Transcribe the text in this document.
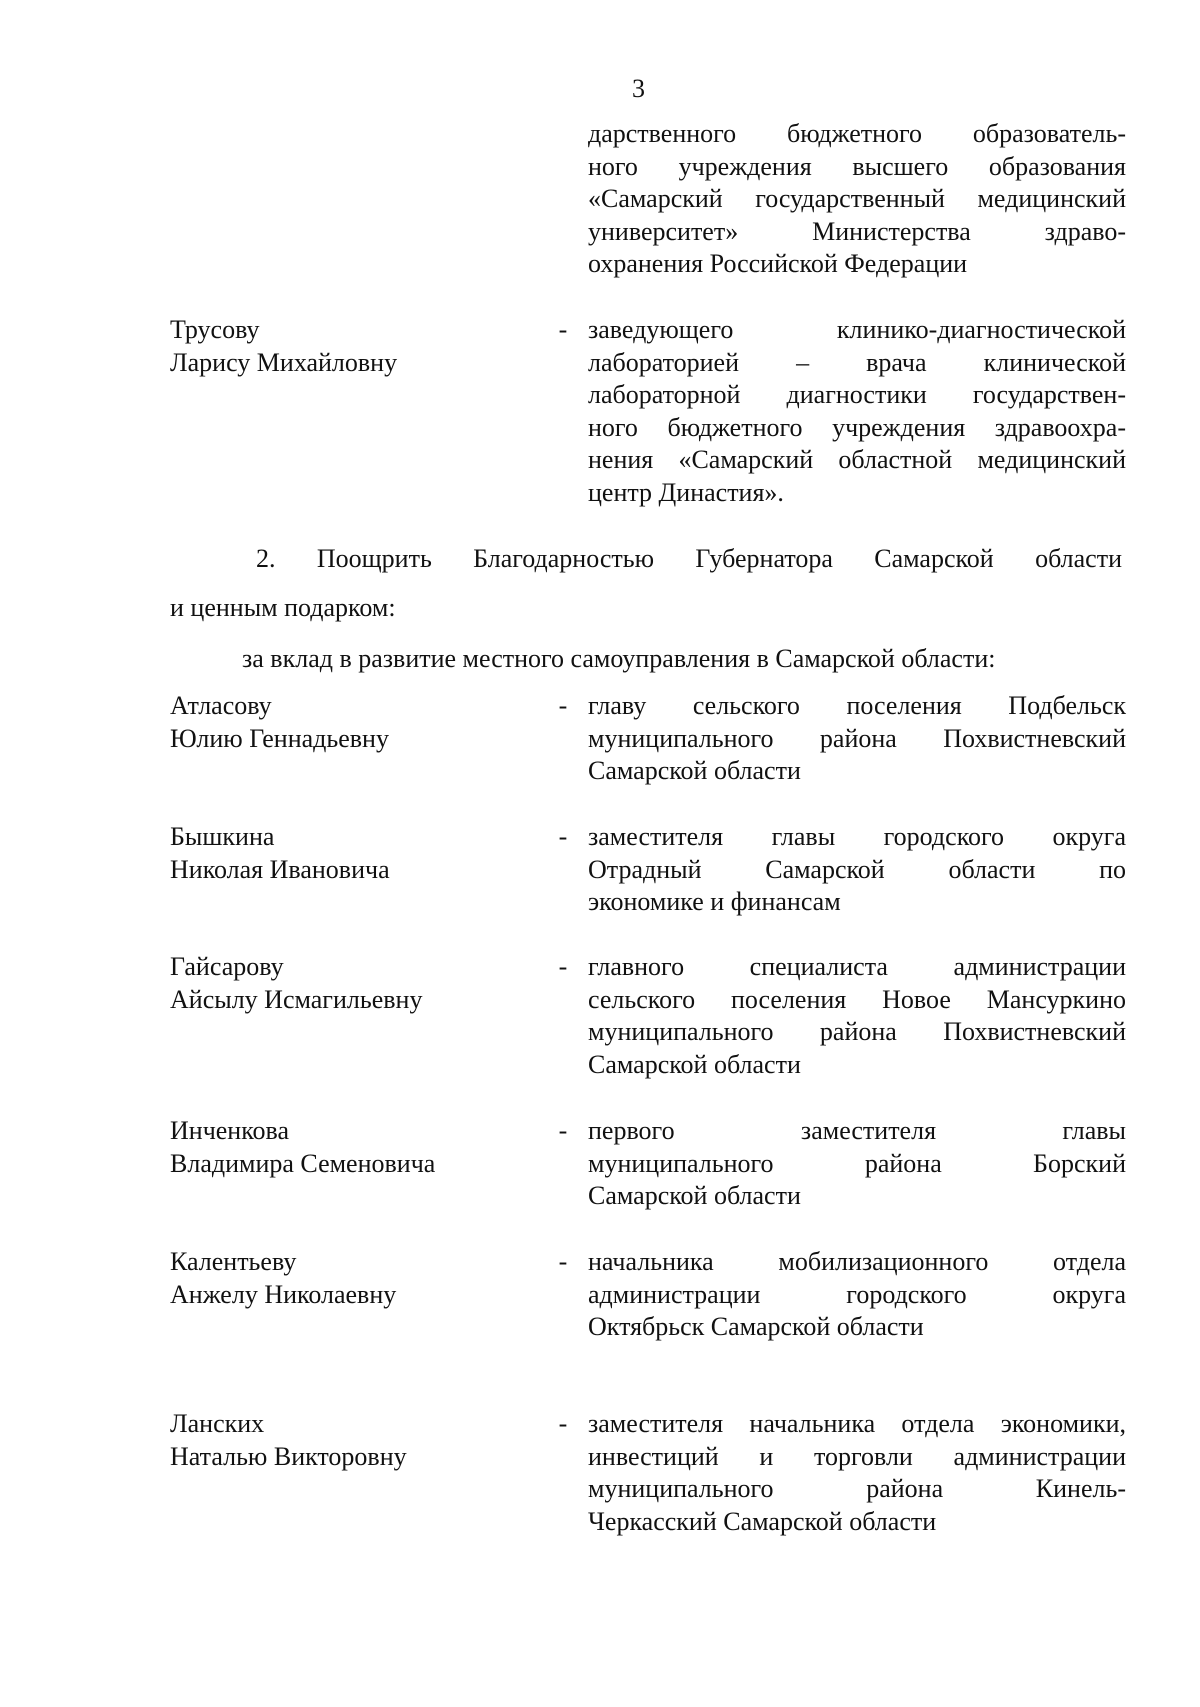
3
дарственного бюджетного образователь-
ного учреждения высшего образования
«Самарский государственный медицинский
университет» Министерства здраво-
охранения Российской Федерации
Трусову
Ларису Михайловну
- заведующего клинико-диагностической
лабораторией – врача клинической
лабораторной диагностики государствен-
ного бюджетного учреждения здравоохра-
нения «Самарский областной медицинский
центр Династия».
2. Поощрить Благодарностью Губернатора Самарской области
и ценным подарком:
за вклад в развитие местного самоуправления в Самарской области:
Атласову
Юлию Геннадьевну
- главу сельского поселения Подбельск
муниципального района Похвистневский
Самарской области
Бышкина
Николая Ивановича
- заместителя главы городского округа
Отрадный Самарской области по
экономике и финансам
Гайсарову
Айсылу Исмагильевну
- главного специалиста администрации
сельского поселения Новое Мансуркино
муниципального района Похвистневский
Самарской области
Инченкова
Владимира Семеновича
- первого заместителя главы
муниципального района Борский
Самарской области
Калентьеву
Анжелу Николаевну
- начальника мобилизационного отдела
администрации городского округа
Октябрьск Самарской области
Ланских
Наталью Викторовну
- заместителя начальника отдела экономики,
инвестиций и торговли администрации
муниципального района Кинель-
Черкасский Самарской области
